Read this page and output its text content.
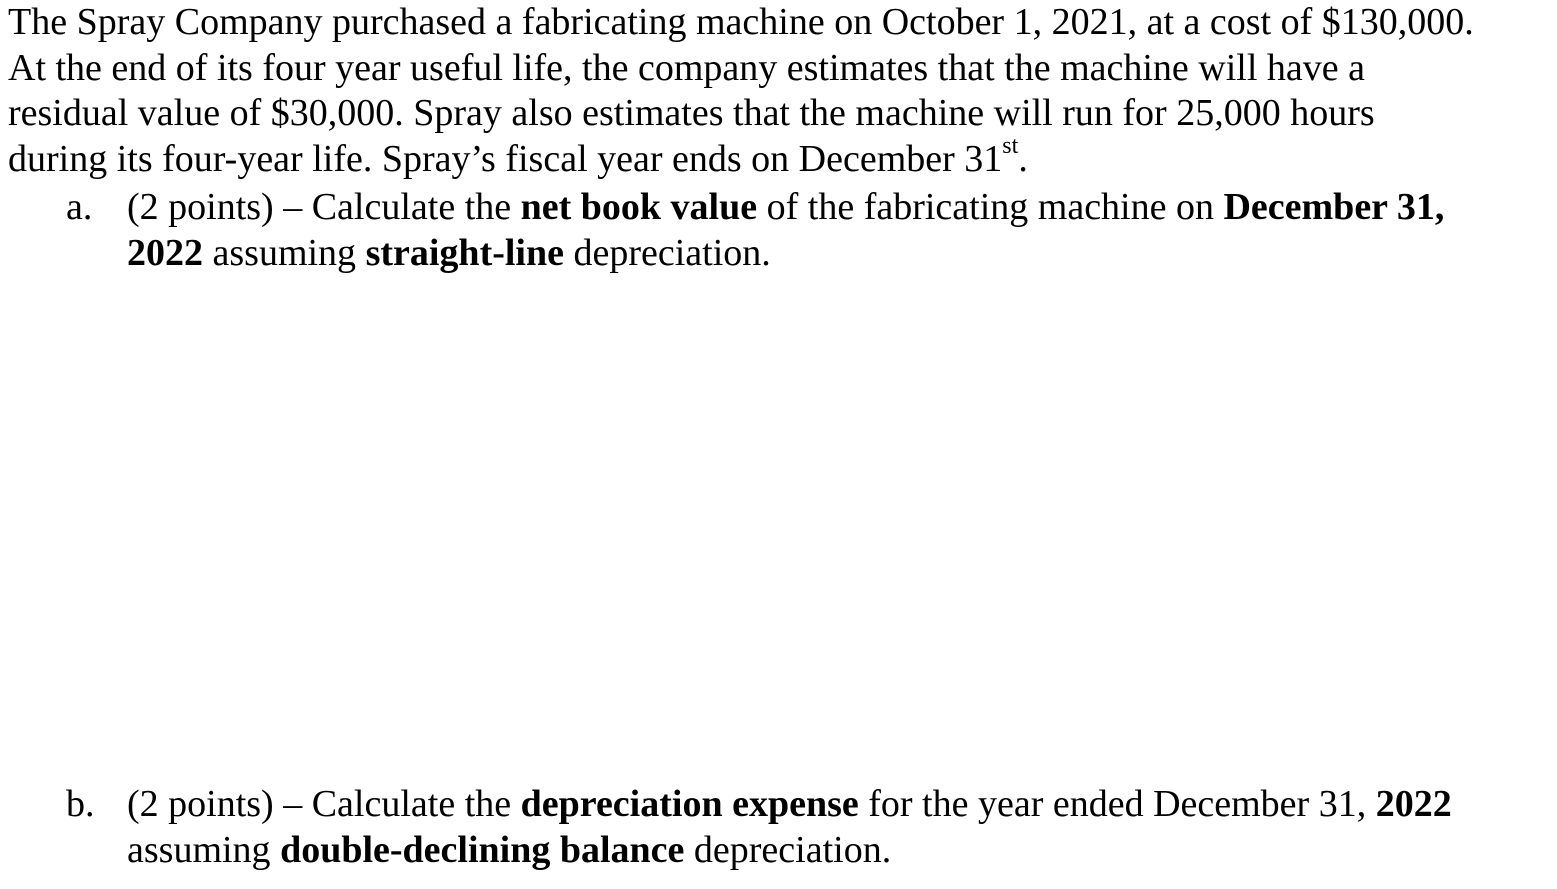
The Spray Company purchased a fabricating machine on October 1, 2021, at a cost of $130,000.
At the end of its four year useful life, the company estimates that the machine will have a
residual value of $30,000. Spray also estimates that the machine will run for 25,000 hours
during its four-year life. Spray’s fiscal year ends on December 31st.
a. (2 points) – Calculate the net book value of the fabricating machine on December 31,
2022 assuming straight-line depreciation.
b. (2 points) – Calculate the depreciation expense for the year ended December 31, 2022
assuming double-declining balance depreciation.
